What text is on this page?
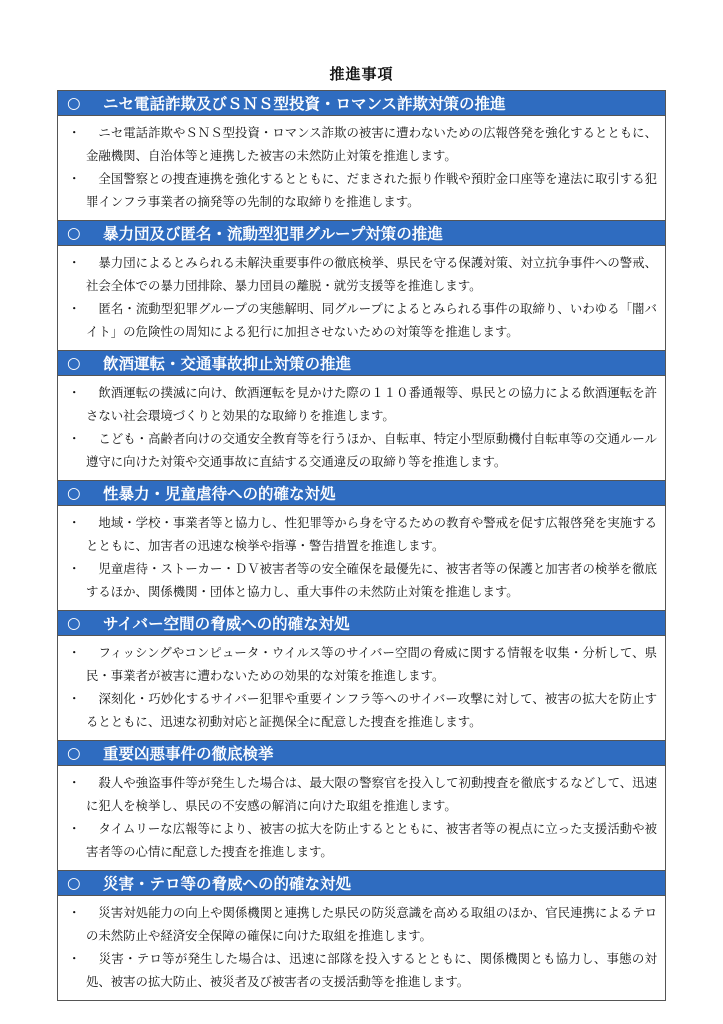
推進事項
○	ニセ電話詐欺及びＳＮＳ型投資・ロマンス詐欺対策の推進
・ 　ニセ電話詐欺やＳＮＳ型投資・ロマンス詐欺の被害に遭わないための広報啓発を強化するとともに、金融機関、自治体等と連携した被害の未然防止対策を推進します。
・ 　全国警察との捜査連携を強化するとともに、だまされた振り作戦や預貯金口座等を違法に取引する犯罪インフラ事業者の摘発等の先制的な取締りを推進します。
○	暴力団及び匿名・流動型犯罪グループ対策の推進
・ 　暴力団によるとみられる未解決重要事件の徹底検挙、県民を守る保護対策、対立抗争事件への警戒、社会全体での暴力団排除、暴力団員の離脱・就労支援等を推進します。
・ 　匿名・流動型犯罪グループの実態解明、同グループによるとみられる事件の取締り、いわゆる「闇バイト」の危険性の周知による犯行に加担させないための対策等を推進します。
○	飲酒運転・交通事故抑止対策の推進
・ 　飲酒運転の撲滅に向け、飲酒運転を見かけた際の１１０番通報等、県民との協力による飲酒運転を許さない社会環境づくりと効果的な取締りを推進します。
・ 　こども・高齢者向けの交通安全教育等を行うほか、自転車、特定小型原動機付自転車等の交通ルール遵守に向けた対策や交通事故に直結する交通違反の取締り等を推進します。
○	性暴力・児童虐待への的確な対処
・ 　地域・学校・事業者等と協力し、性犯罪等から身を守るための教育や警戒を促す広報啓発を実施するとともに、加害者の迅速な検挙や指導・警告措置を推進します。
・ 　児童虐待・ストーカー・ＤＶ被害者等の安全確保を最優先に、被害者等の保護と加害者の検挙を徹底するほか、関係機関・団体と協力し、重大事件の未然防止対策を推進します。
○	サイバー空間の脅威への的確な対処
・ 　フィッシングやコンピュータ・ウイルス等のサイバー空間の脅威に関する情報を収集・分析して、県民・事業者が被害に遭わないための効果的な対策を推進します。
・ 　深刻化・巧妙化するサイバー犯罪や重要インフラ等へのサイバー攻撃に対して、被害の拡大を防止するとともに、迅速な初動対応と証拠保全に配意した捜査を推進します。
○	重要凶悪事件の徹底検挙
・ 　殺人や強盗事件等が発生した場合は、最大限の警察官を投入して初動捜査を徹底するなどして、迅速に犯人を検挙し、県民の不安感の解消に向けた取組を推進します。
・ 　タイムリーな広報等により、被害の拡大を防止するとともに、被害者等の視点に立った支援活動や被害者等の心情に配意した捜査を推進します。
○	災害・テロ等の脅威への的確な対処
・ 　災害対処能力の向上や関係機関と連携した県民の防災意識を高める取組のほか、官民連携によるテロの未然防止や経済安全保障の確保に向けた取組を推進します。
・ 　災害・テロ等が発生した場合は、迅速に部隊を投入するとともに、関係機関とも協力し、事態の対処、被害の拡大防止、被災者及び被害者の支援活動等を推進します。
